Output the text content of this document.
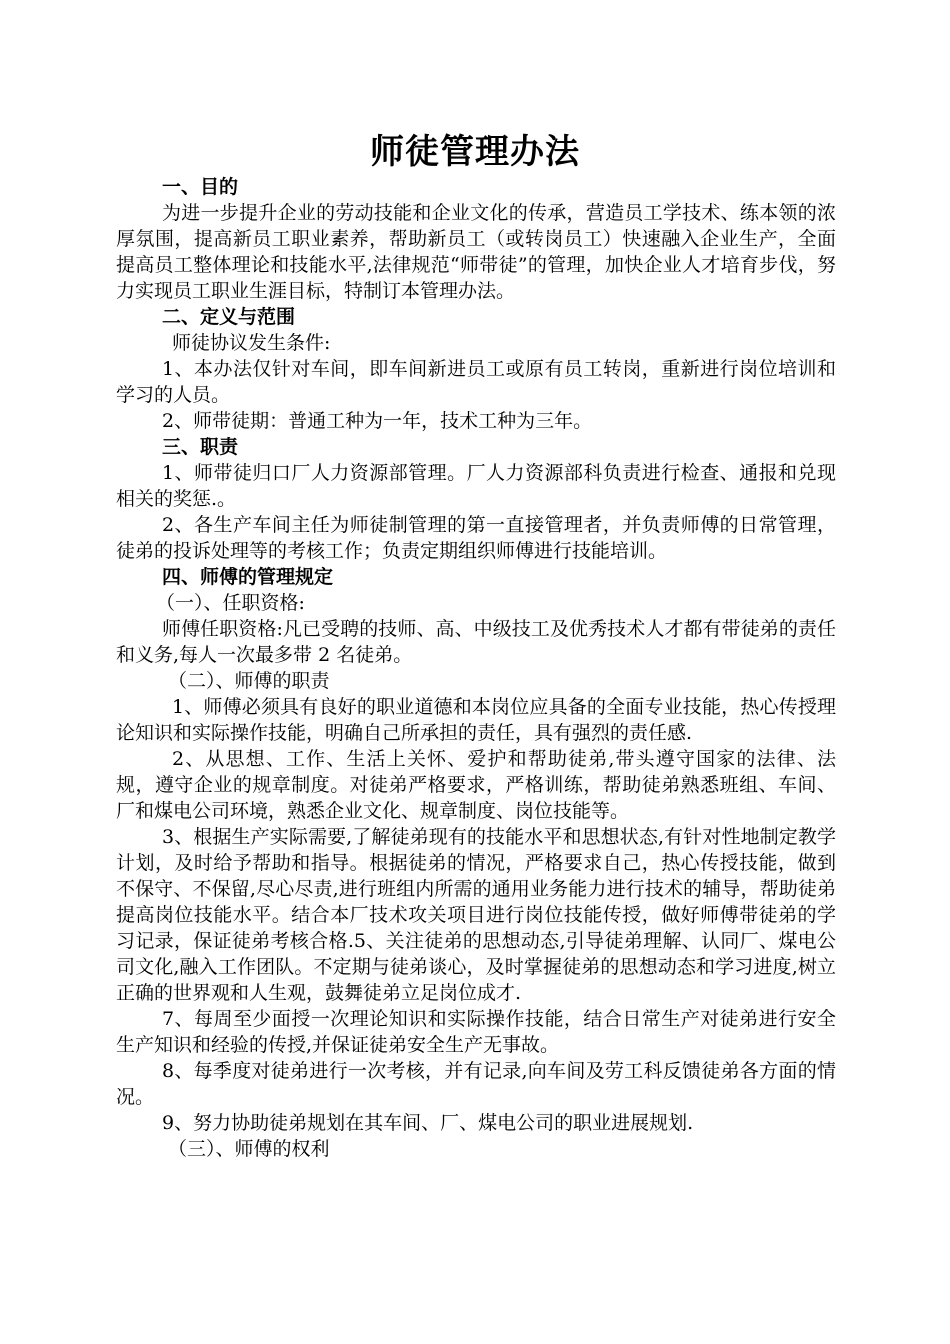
师徒管理办法

一、目的

为进一步提升企业的劳动技能和企业文化的传承，营造员工学技术、练本领的浓厚氛围，提高新员工职业素养，帮助新员工（或转岗员工）快速融入企业生产，全面提高员工整体理论和技能水平,法律规范“师带徒”的管理，加快企业人才培育步伐，努力实现员工职业生涯目标，特制订本管理办法。

二、定义与范围

师徒协议发生条件:

1、本办法仅针对车间，即车间新进员工或原有员工转岗，重新进行岗位培训和学习的人员。

2、师带徒期：普通工种为一年，技术工种为三年。

三、职责

1、师带徒归口厂人力资源部管理。厂人力资源部科负责进行检查、通报和兑现相关的奖惩.。

2、各生产车间主任为师徒制管理的第一直接管理者，并负责师傅的日常管理，徒弟的投诉处理等的考核工作；负责定期组织师傅进行技能培训。

四、师傅的管理规定

（一）、任职资格:

师傅任职资格:凡已受聘的技师、高、中级技工及优秀技术人才都有带徒弟的责任和义务,每人一次最多带 2 名徒弟。

（二）、师傅的职责

1、师傅必须具有良好的职业道德和本岗位应具备的全面专业技能，热心传授理论知识和实际操作技能，明确自己所承担的责任，具有强烈的责任感.

2、从思想、工作、生活上关怀、爱护和帮助徒弟,带头遵守国家的法律、法规，遵守企业的规章制度。对徒弟严格要求，严格训练，帮助徒弟熟悉班组、车间、厂和煤电公司环境，熟悉企业文化、规章制度、岗位技能等。

3、根据生产实际需要,了解徒弟现有的技能水平和思想状态,有针对性地制定教学计划，及时给予帮助和指导。根据徒弟的情况，严格要求自己，热心传授技能，做到不保守、不保留,尽心尽责,进行班组内所需的通用业务能力进行技术的辅导，帮助徒弟提高岗位技能水平。结合本厂技术攻关项目进行岗位技能传授，做好师傅带徒弟的学习记录，保证徒弟考核合格.5、关注徒弟的思想动态,引导徒弟理解、认同厂、煤电公司文化,融入工作团队。不定期与徒弟谈心，及时掌握徒弟的思想动态和学习进度,树立正确的世界观和人生观，鼓舞徒弟立足岗位成才.

7、每周至少面授一次理论知识和实际操作技能，结合日常生产对徒弟进行安全生产知识和经验的传授,并保证徒弟安全生产无事故。

8、每季度对徒弟进行一次考核，并有记录,向车间及劳工科反馈徒弟各方面的情况。

9、努力协助徒弟规划在其车间、厂、煤电公司的职业进展规划.

（三）、师傅的权利
